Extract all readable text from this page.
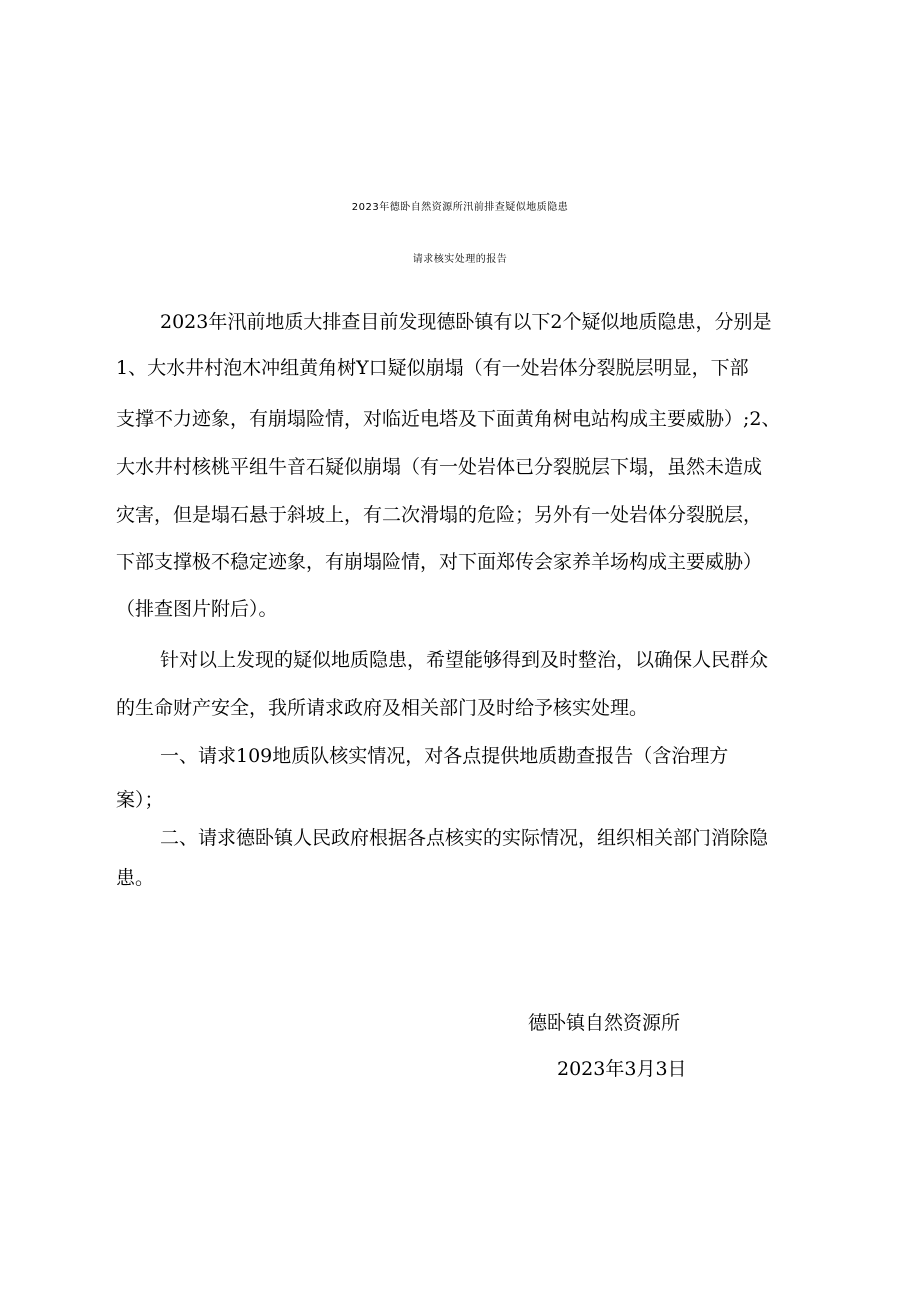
2023年德卧自然资源所汛前排查疑似地质隐患
请求核实处理的报告
2023年汛前地质大排查目前发现德卧镇有以下2个疑似地质隐患，分别是
1、大水井村泡木冲组黄角树Y口疑似崩塌（有一处岩体分裂脱层明显，下部
支撑不力迹象，有崩塌险情，对临近电塔及下面黄角树电站构成主要威胁）;2、
大水井村核桃平组牛音石疑似崩塌（有一处岩体已分裂脱层下塌，虽然未造成
灾害，但是塌石悬于斜坡上，有二次滑塌的危险；另外有一处岩体分裂脱层，
下部支撑极不稳定迹象，有崩塌险情，对下面郑传会家养羊场构成主要威胁）
（排查图片附后）。
针对以上发现的疑似地质隐患，希望能够得到及时整治，以确保人民群众
的生命财产安全，我所请求政府及相关部门及时给予核实处理。
一、请求109地质队核实情况，对各点提供地质勘查报告（含治理方
案）；
二、请求德卧镇人民政府根据各点核实的实际情况，组织相关部门消除隐
患。
德卧镇自然资源所
2023年3月3日
